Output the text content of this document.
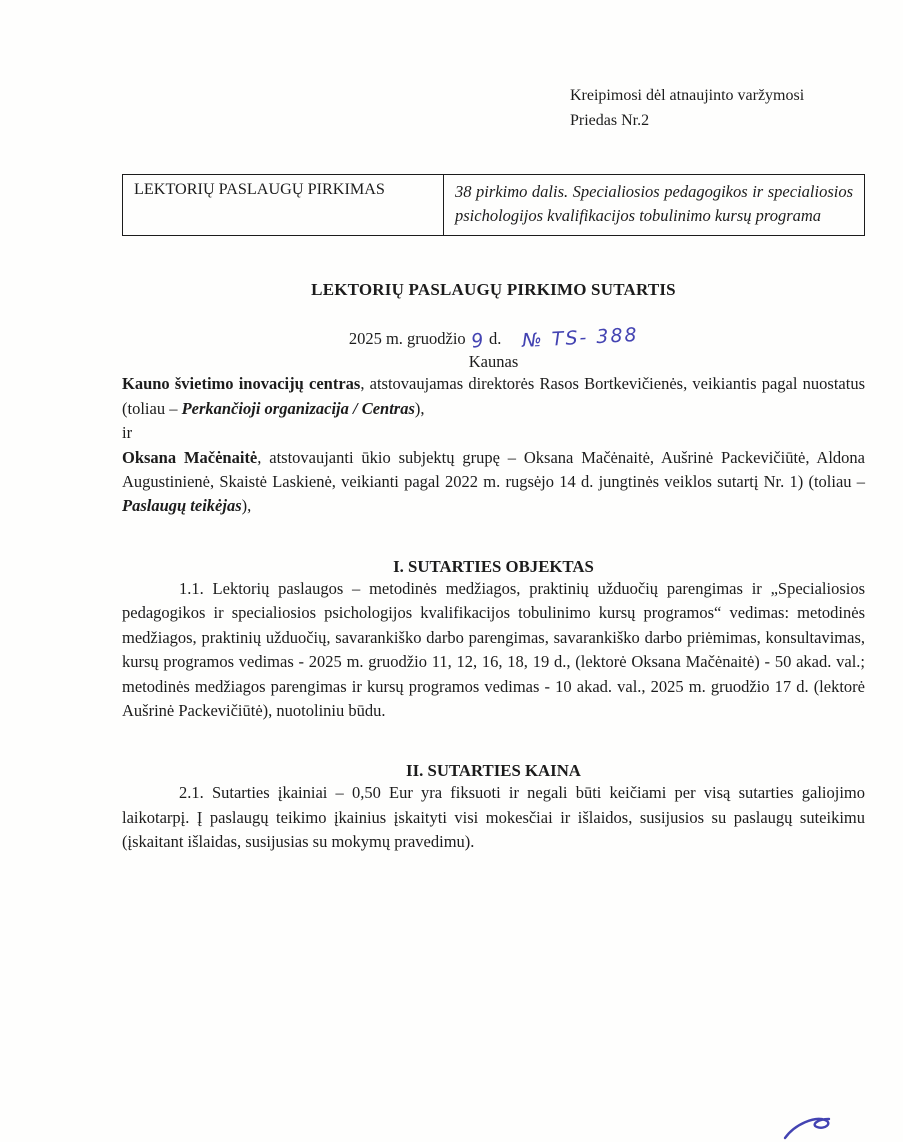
Kreipimosi dėl atnaujinto varžymosi
Priedas Nr.2
LEKTORIŲ PASLAUGŲ PIRKIMAS	38 pirkimo dalis. Specialiosios pedagogikos ir specialiosios psichologijos kvalifikacijos tobulinimo kursų programa
LEKTORIŲ PASLAUGŲ PIRKIMO SUTARTIS
2025 m. gruodžio 9 d. № TS- 388
Kaunas

Kauno švietimo inovacijų centras, atstovaujamas direktorės Rasos Bortkevičienės, veikiantis pagal nuostatus (toliau – Perkančioji organizacija / Centras),

ir

Oksana Mačėnaitė, atstovaujanti ūkio subjektų grupę – Oksana Mačėnaitė, Aušrinė Packevičiūtė, Aldona Augustinienė, Skaistė Laskienė, veikianti pagal 2022 m. rugsėjo 14 d. jungtinės veiklos sutartį Nr. 1) (toliau – Paslaugų teikėjas),

I. SUTARTIES OBJEKTAS

1.1. Lektorių paslaugos – metodinės medžiagos, praktinių užduočių parengimas ir „Specialiosios pedagogikos ir specialiosios psichologijos kvalifikacijos tobulinimo kursų programos“ vedimas: metodinės medžiagos, praktinių užduočių, savarankiško darbo parengimas, savarankiško darbo priėmimas, konsultavimas, kursų programos vedimas - 2025 m. gruodžio 11, 12, 16, 18, 19 d., (lektorė Oksana Mačėnaitė) - 50 akad. val.; metodinės medžiagos parengimas ir kursų programos vedimas - 10 akad. val., 2025 m. gruodžio 17 d. (lektorė Aušrinė Packevičiūtė), nuotoliniu būdu.

II. SUTARTIES KAINA

2.1. Sutarties įkainiai – 0,50 Eur yra fiksuoti ir negali būti keičiami per visą sutarties galiojimo laikotarpį. Į paslaugų teikimo įkainius įskaityti visi mokesčiai ir išlaidos, susijusios su paslaugų suteikimu (įskaitant išlaidas, susijusias su mokymų pravedimu).
